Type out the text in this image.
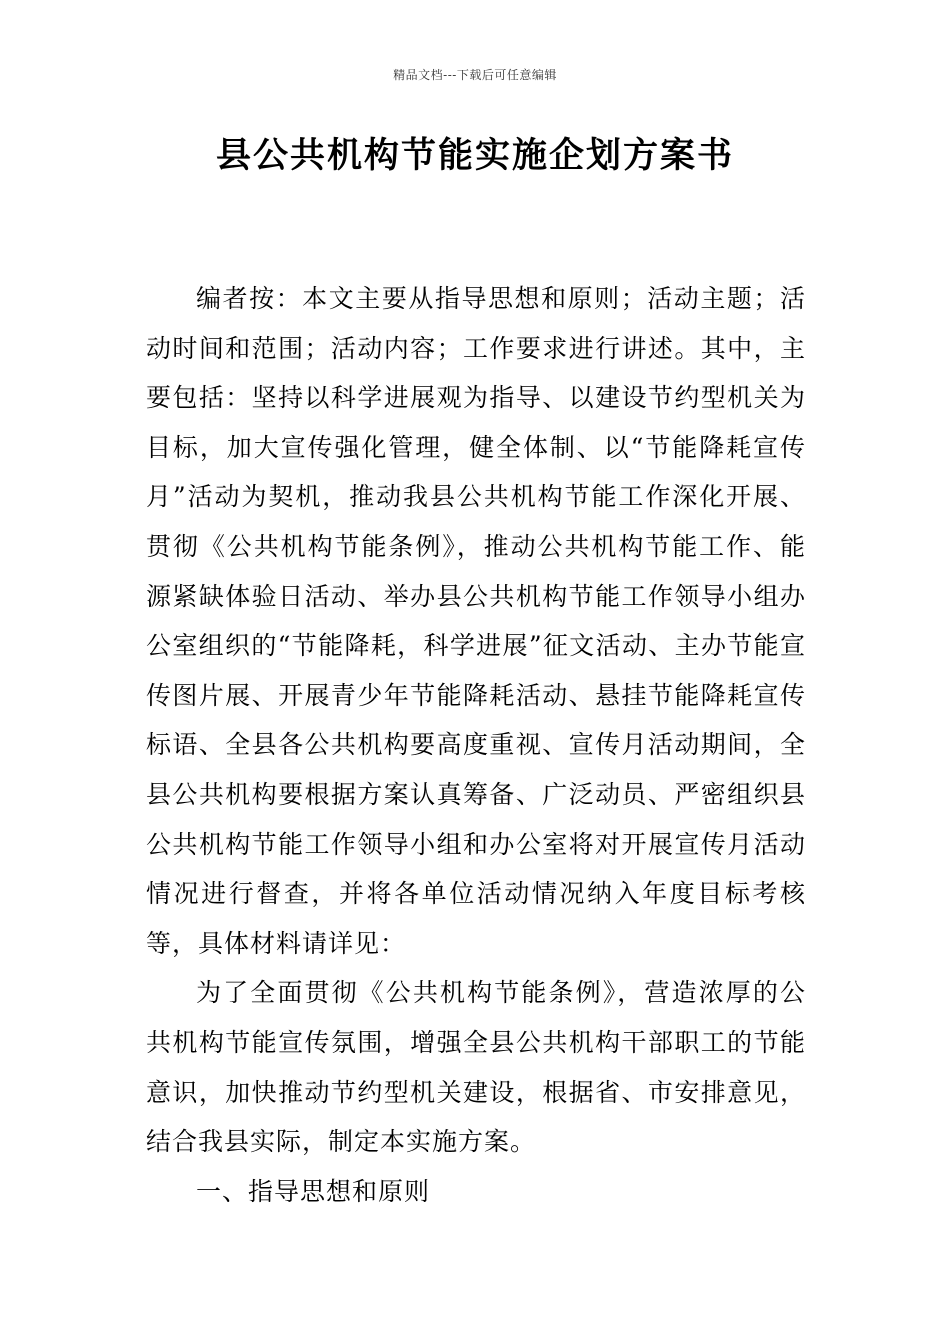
精品文档---下载后可任意编辑
县公共机构节能实施企划方案书

编者按：本文主要从指导思想和原则；活动主题；活动时间和范围；活动内容；工作要求进行讲述。其中，主要包括：坚持以科学进展观为指导、以建设节约型机关为目标，加大宣传强化管理，健全体制、以“节能降耗宣传月”活动为契机，推动我县公共机构节能工作深化开展、贯彻《公共机构节能条例》，推动公共机构节能工作、能源紧缺体验日活动、举办县公共机构节能工作领导小组办公室组织的“节能降耗，科学进展”征文活动、主办节能宣传图片展、开展青少年节能降耗活动、悬挂节能降耗宣传标语、全县各公共机构要高度重视、宣传月活动期间，全县公共机构要根据方案认真筹备、广泛动员、严密组织县公共机构节能工作领导小组和办公室将对开展宣传月活动情况进行督查，并将各单位活动情况纳入年度目标考核等，具体材料请详见：

为了全面贯彻《公共机构节能条例》，营造浓厚的公共机构节能宣传氛围，增强全县公共机构干部职工的节能意识，加快推动节约型机关建设，根据省、市安排意见，结合我县实际，制定本实施方案。

一、指导思想和原则
